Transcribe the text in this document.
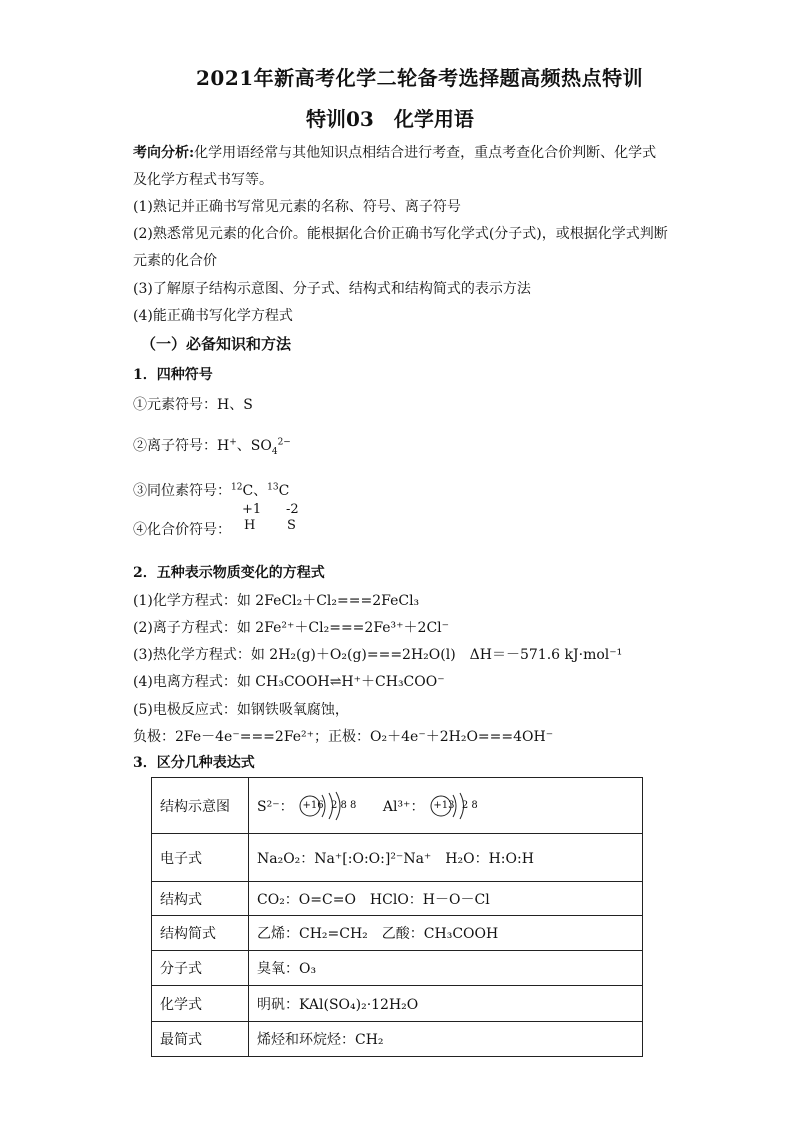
2021年新高考化学二轮备考选择题高频热点特训
特训03　化学用语
考向分析:化学用语经常与其他知识点相结合进行考查，重点考查化合价判断、化学式
及化学方程式书写等。
(1)熟记并正确书写常见元素的名称、符号、离子符号
(2)熟悉常见元素的化合价。能根据化合价正确书写化学式(分子式)，或根据化学式判断
元素的化合价
(3)了解原子结构示意图、分子式、结构式和结构简式的表示方法
(4)能正确书写化学方程式
（一）必备知识和方法
1．四种符号
①元素符号：H、S
②离子符号：H+、$SO_4^{2-}$
③同位素符号：$^{12}$C、$^{13}$C
④化合价符号：
+1
H
-2
S
2．五种表示物质变化的方程式
(1)化学方程式：如 2FeCl₂＋Cl₂===2FeCl₃
(2)离子方程式：如 2Fe²⁺＋Cl₂===2Fe³⁺＋2Cl⁻
(3)热化学方程式：如 2H₂(g)＋O₂(g)===2H₂O(l)　ΔH＝－571.6 kJ·mol⁻¹
(4)电离方程式：如 CH₃COOH⇌H⁺＋CH₃COO⁻
(5)电极反应式：如钢铁吸氧腐蚀，
负极：2Fe－4e⁻===2Fe²⁺；正极：O₂＋4e⁻＋2H₂O===4OH⁻
3．区分几种表达式
结构示意图	S²⁻： +16 2 8 8 Al³⁺： +13 2 8
电子式	Na₂O₂：Na⁺[:O:O:]²⁻Na⁺　H₂O：H:O:H
结构式	CO₂：O=C=O　HClO：H－O－Cl
结构简式	乙烯：CH₂=CH₂　乙酸：CH₃COOH
分子式	臭氧：O₃
化学式	明矾：KAl(SO₄)₂·12H₂O
最简式	烯烃和环烷烃：CH₂
